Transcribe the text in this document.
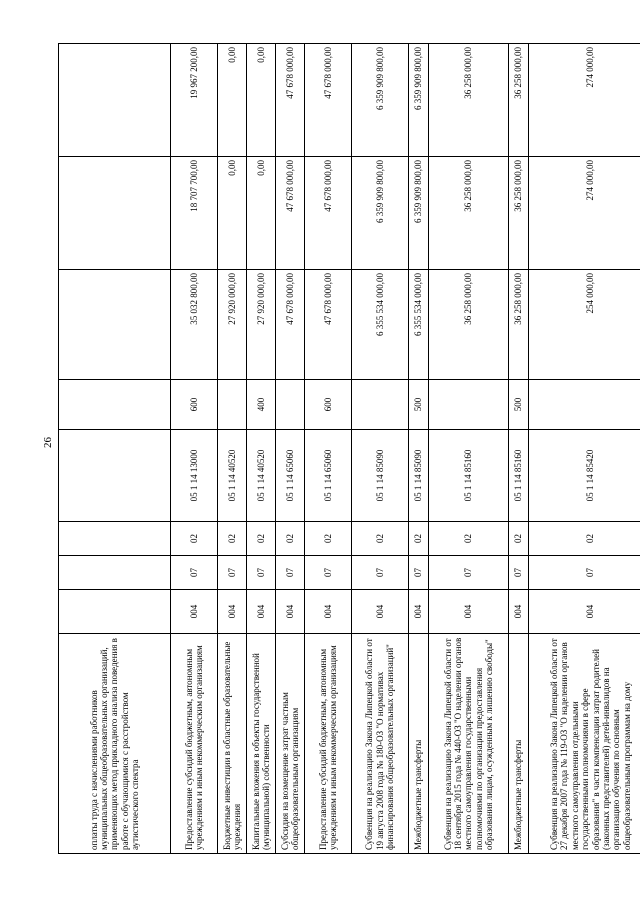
26
оплаты труда с начислениями работников муниципальных общеобразовательных организаций, применяющих метод прикладного анализа поведения в работе с обучающимися с расстройством аутистического спектра								
Предоставление субсидий бюджетным, автономным учреждениям и иным некоммерческим организациям	004	07	02	05 1 14 13000	600	35 032 800,00	18 707 700,00	19 967 200,00
Бюджетные инвестиции в областные образовательные учреждения	004	07	02	05 1 14 40520		27 920 000,00	0,00	0,00
Капитальные вложения в объекты государственной (муниципальной) собственности	004	07	02	05 1 14 40520	400	27 920 000,00	0,00	0,00
Субсидия на возмещение затрат частным общеобразовательным организациям	004	07	02	05 1 14 65060		47 678 000,00	47 678 000,00	47 678 000,00
Предоставление субсидий бюджетным, автономным учреждениям и иным некоммерческим организациям	004	07	02	05 1 14 65060	600	47 678 000,00	47 678 000,00	47 678 000,00
Субвенция на реализацию Закона Липецкой области от 19 августа 2008 года № 180-ОЗ "О нормативах финансирования общеобразовательных организаций"	004	07	02	05 1 14 85090		6 355 534 000,00	6 359 909 800,00	6 359 909 800,00
Межбюджетные трансферты	004	07	02	05 1 14 85090	500	6 355 534 000,00	6 359 909 800,00	6 359 909 800,00
Субвенция на реализацию Закона Липецкой области от 18 сентября 2015 года № 440-ОЗ "О наделении органов местного самоуправления государственными полномочиями по организации предоставления образования лицам, осужденным к лишению свободы"	004	07	02	05 1 14 85160		36 258 000,00	36 258 000,00	36 258 000,00
Межбюджетные трансферты	004	07	02	05 1 14 85160	500	36 258 000,00	36 258 000,00	36 258 000,00
Субвенция на реализацию Закона Липецкой области от 27 декабря 2007 года № 119-ОЗ "О наделении органов местного самоуправления отдельными государственными полномочиями в сфере образования" в части компенсации затрат родителей (законных представителей) детей-инвалидов на организацию обучения по основным общеобразовательным программам на дому	004	07	02	05 1 14 85420		254 000,00	274 000,00	274 000,00
